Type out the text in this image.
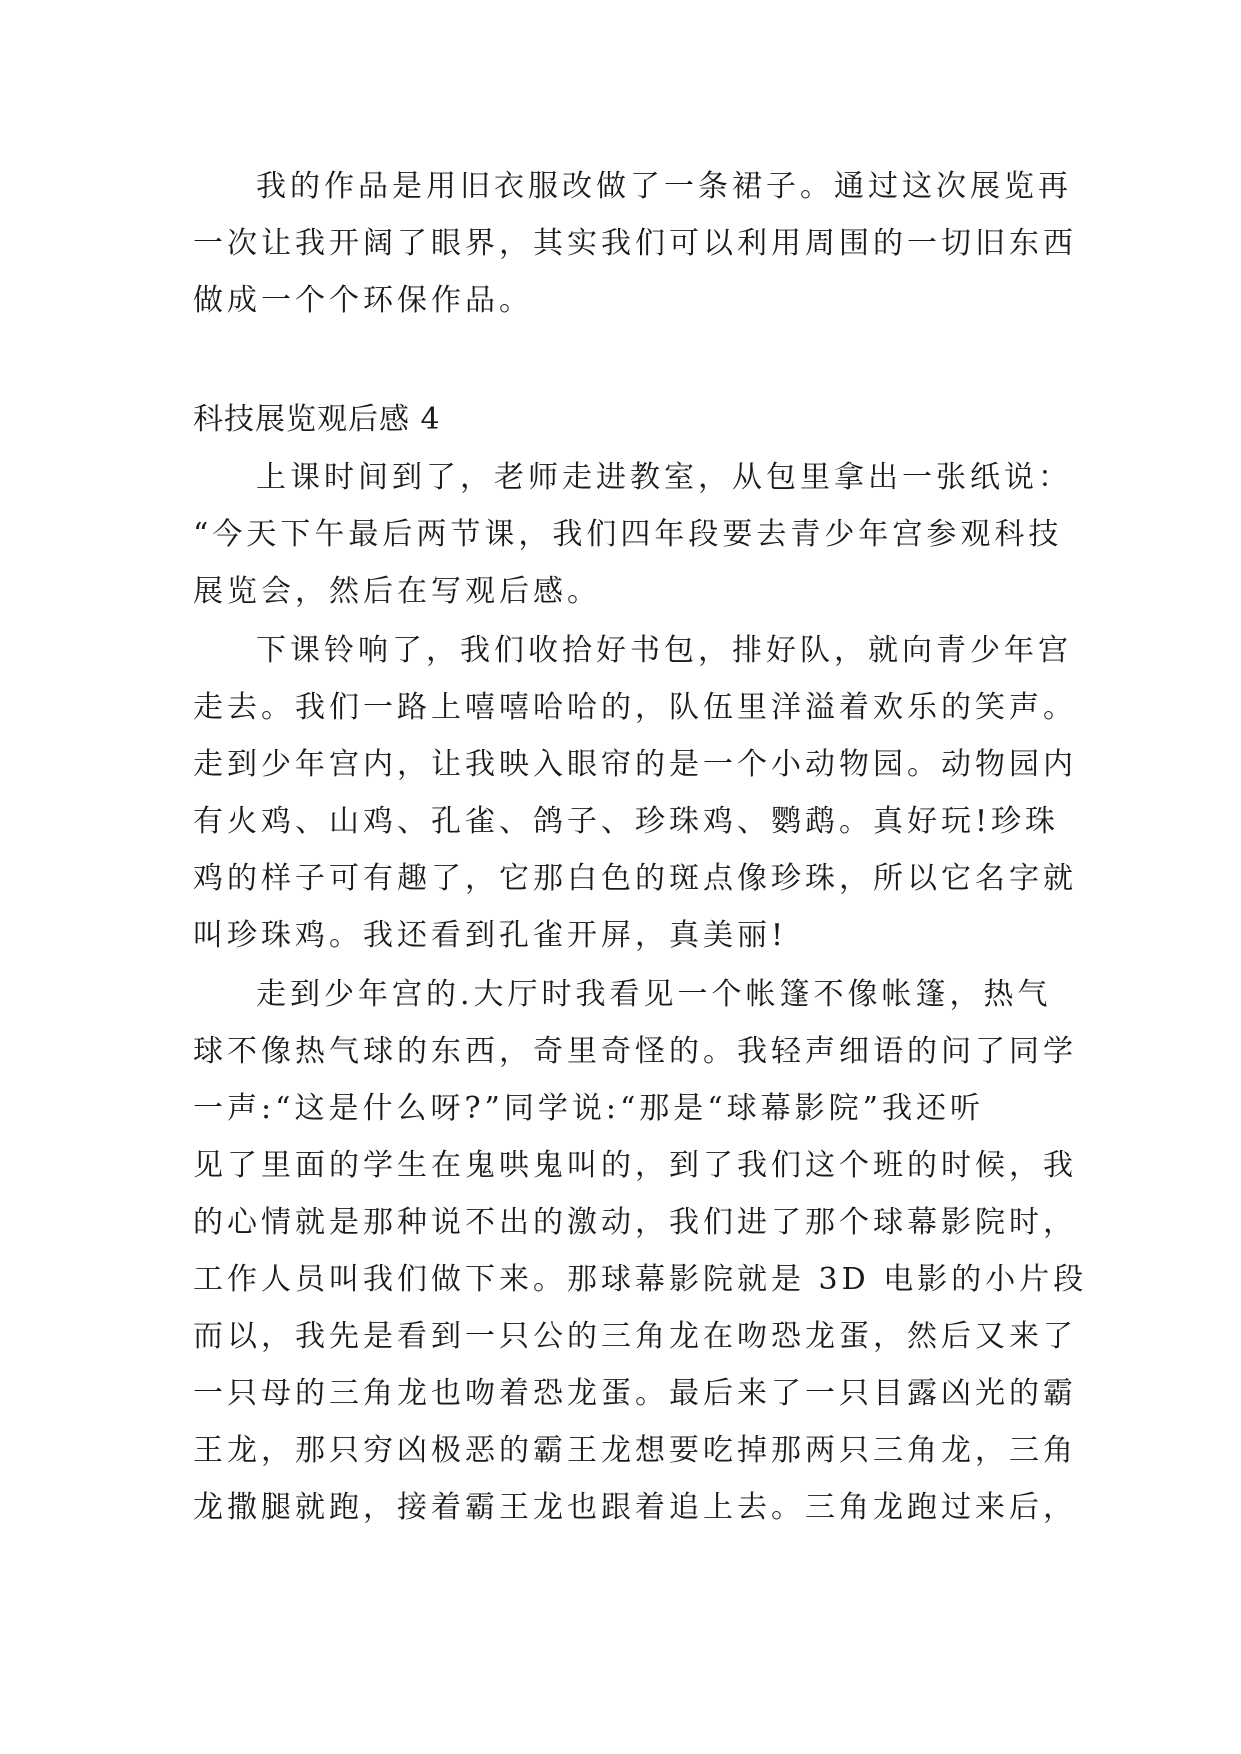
我的作品是用旧衣服改做了一条裙子。通过这次展览再

一次让我开阔了眼界，其实我们可以利用周围的一切旧东西

做成一个个环保作品。

科技展览观后感 4

上课时间到了，老师走进教室，从包里拿出一张纸说：

“今天下午最后两节课，我们四年段要去青少年宫参观科技

展览会，然后在写观后感。

下课铃响了，我们收拾好书包，排好队，就向青少年宫

走去。我们一路上嘻嘻哈哈的，队伍里洋溢着欢乐的笑声。

走到少年宫内，让我映入眼帘的是一个小动物园。动物园内

有火鸡、山鸡、孔雀、鸽子、珍珠鸡、鹦鹉。真好玩!珍珠

鸡的样子可有趣了，它那白色的斑点像珍珠，所以它名字就

叫珍珠鸡。我还看到孔雀开屏，真美丽!

走到少年宫的.大厅时我看见一个帐篷不像帐篷，热气

球不像热气球的东西，奇里奇怪的。我轻声细语的问了同学

一声:“这是什么呀?”同学说:“那是“球幕影院”我还听

见了里面的学生在鬼哄鬼叫的，到了我们这个班的时候，我

的心情就是那种说不出的激动，我们进了那个球幕影院时，

工作人员叫我们做下来。那球幕影院就是 3D 电影的小片段

而以，我先是看到一只公的三角龙在吻恐龙蛋，然后又来了

一只母的三角龙也吻着恐龙蛋。最后来了一只目露凶光的霸

王龙，那只穷凶极恶的霸王龙想要吃掉那两只三角龙，三角

龙撒腿就跑，接着霸王龙也跟着追上去。三角龙跑过来后，
